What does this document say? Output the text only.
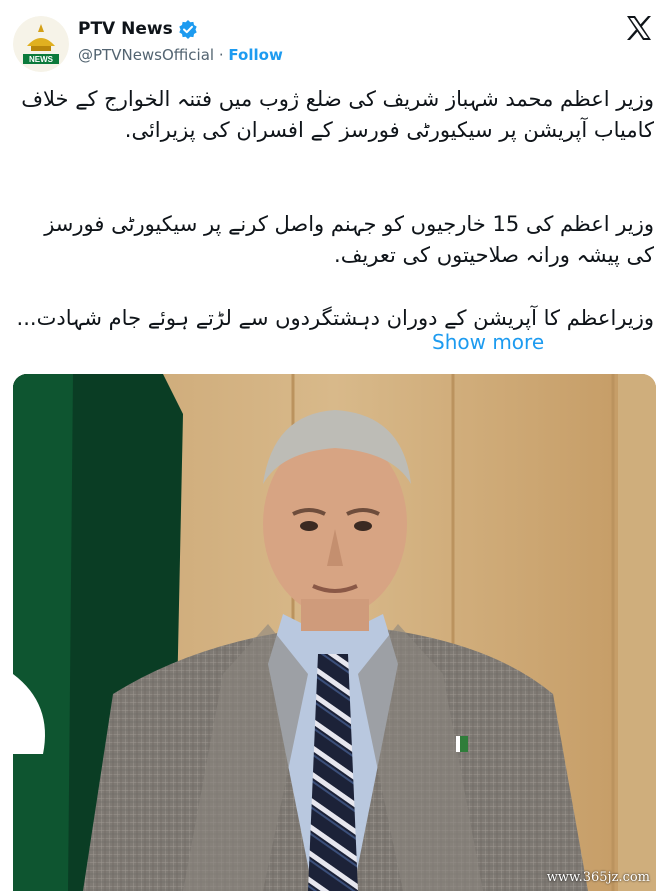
NEWS
PTV News
@PTVNewsOfficial · Follow
وزیر اعظم محمد شہباز شریف کی ضلع ژوب میں فتنہ الخوارج کے خلاف کامیاب آپریشن پر سیکیورٹی فورسز کے افسران کی پزیرائی.
وزیر اعظم کی 15 خارجیوں کو جہنم واصل کرنے پر سیکیورٹی فورسز کی پیشہ ورانہ صلاحیتوں کی تعریف.
وزیراعظم کا آپریشن کے دوران دہشتگردوں سے لڑتے ہوئے جام شہادت...
Show more
www.365jz.com
